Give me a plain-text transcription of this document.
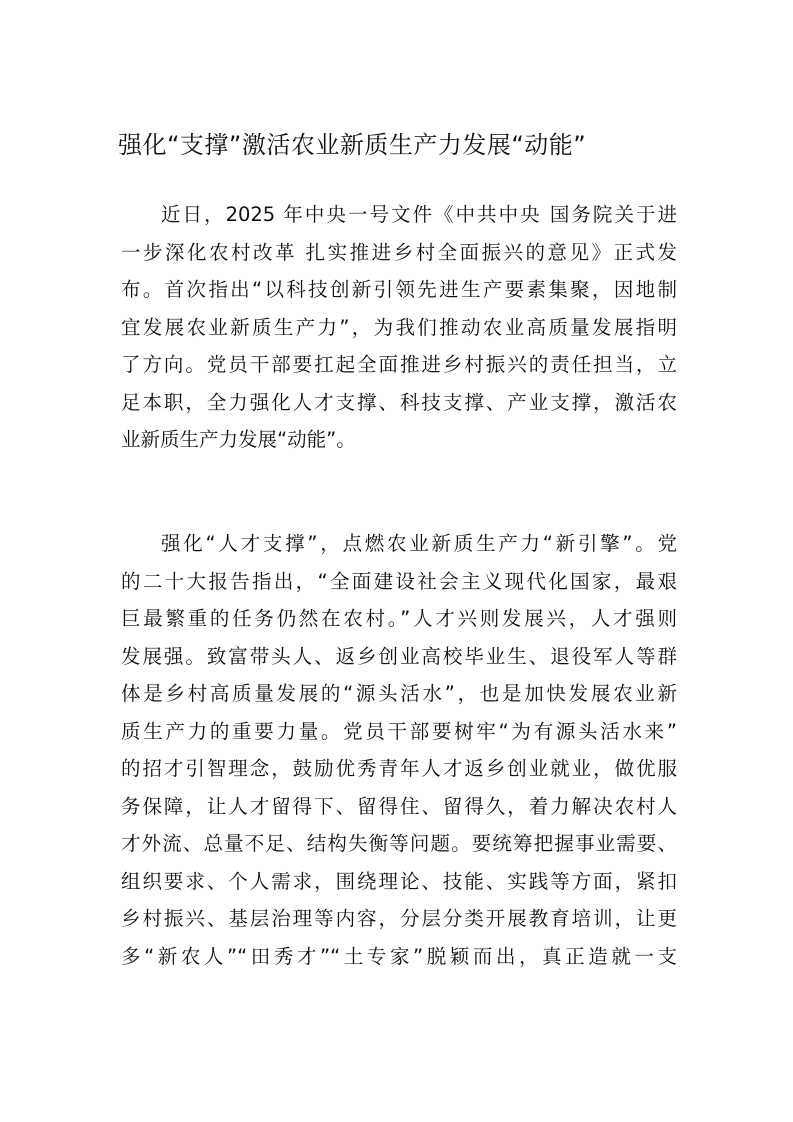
强化“支撑”激活农业新质生产力发展“动能”
近日，2025 年中央一号文件《中共中央 国务院关于进
一步深化农村改革 扎实推进乡村全面振兴的意见》正式发
布。首次指出“以科技创新引领先进生产要素集聚，因地制
宜发展农业新质生产力”，为我们推动农业高质量发展指明
了方向。党员干部要扛起全面推进乡村振兴的责任担当，立
足本职，全力强化人才支撑、科技支撑、产业支撑，激活农
业新质生产力发展“动能”。
强化“人才支撑”，点燃农业新质生产力“新引擎”。党
的二十大报告指出，“全面建设社会主义现代化国家，最艰
巨最繁重的任务仍然在农村。”人才兴则发展兴，人才强则
发展强。致富带头人、返乡创业高校毕业生、退役军人等群
体是乡村高质量发展的“源头活水”，也是加快发展农业新
质生产力的重要力量。党员干部要树牢“为有源头活水来”
的招才引智理念，鼓励优秀青年人才返乡创业就业，做优服
务保障，让人才留得下、留得住、留得久，着力解决农村人
才外流、总量不足、结构失衡等问题。要统筹把握事业需要、
组织要求、个人需求，围绕理论、技能、实践等方面，紧扣
乡村振兴、基层治理等内容，分层分类开展教育培训，让更
多“新农人”“田秀才”“土专家”脱颖而出，真正造就一支
